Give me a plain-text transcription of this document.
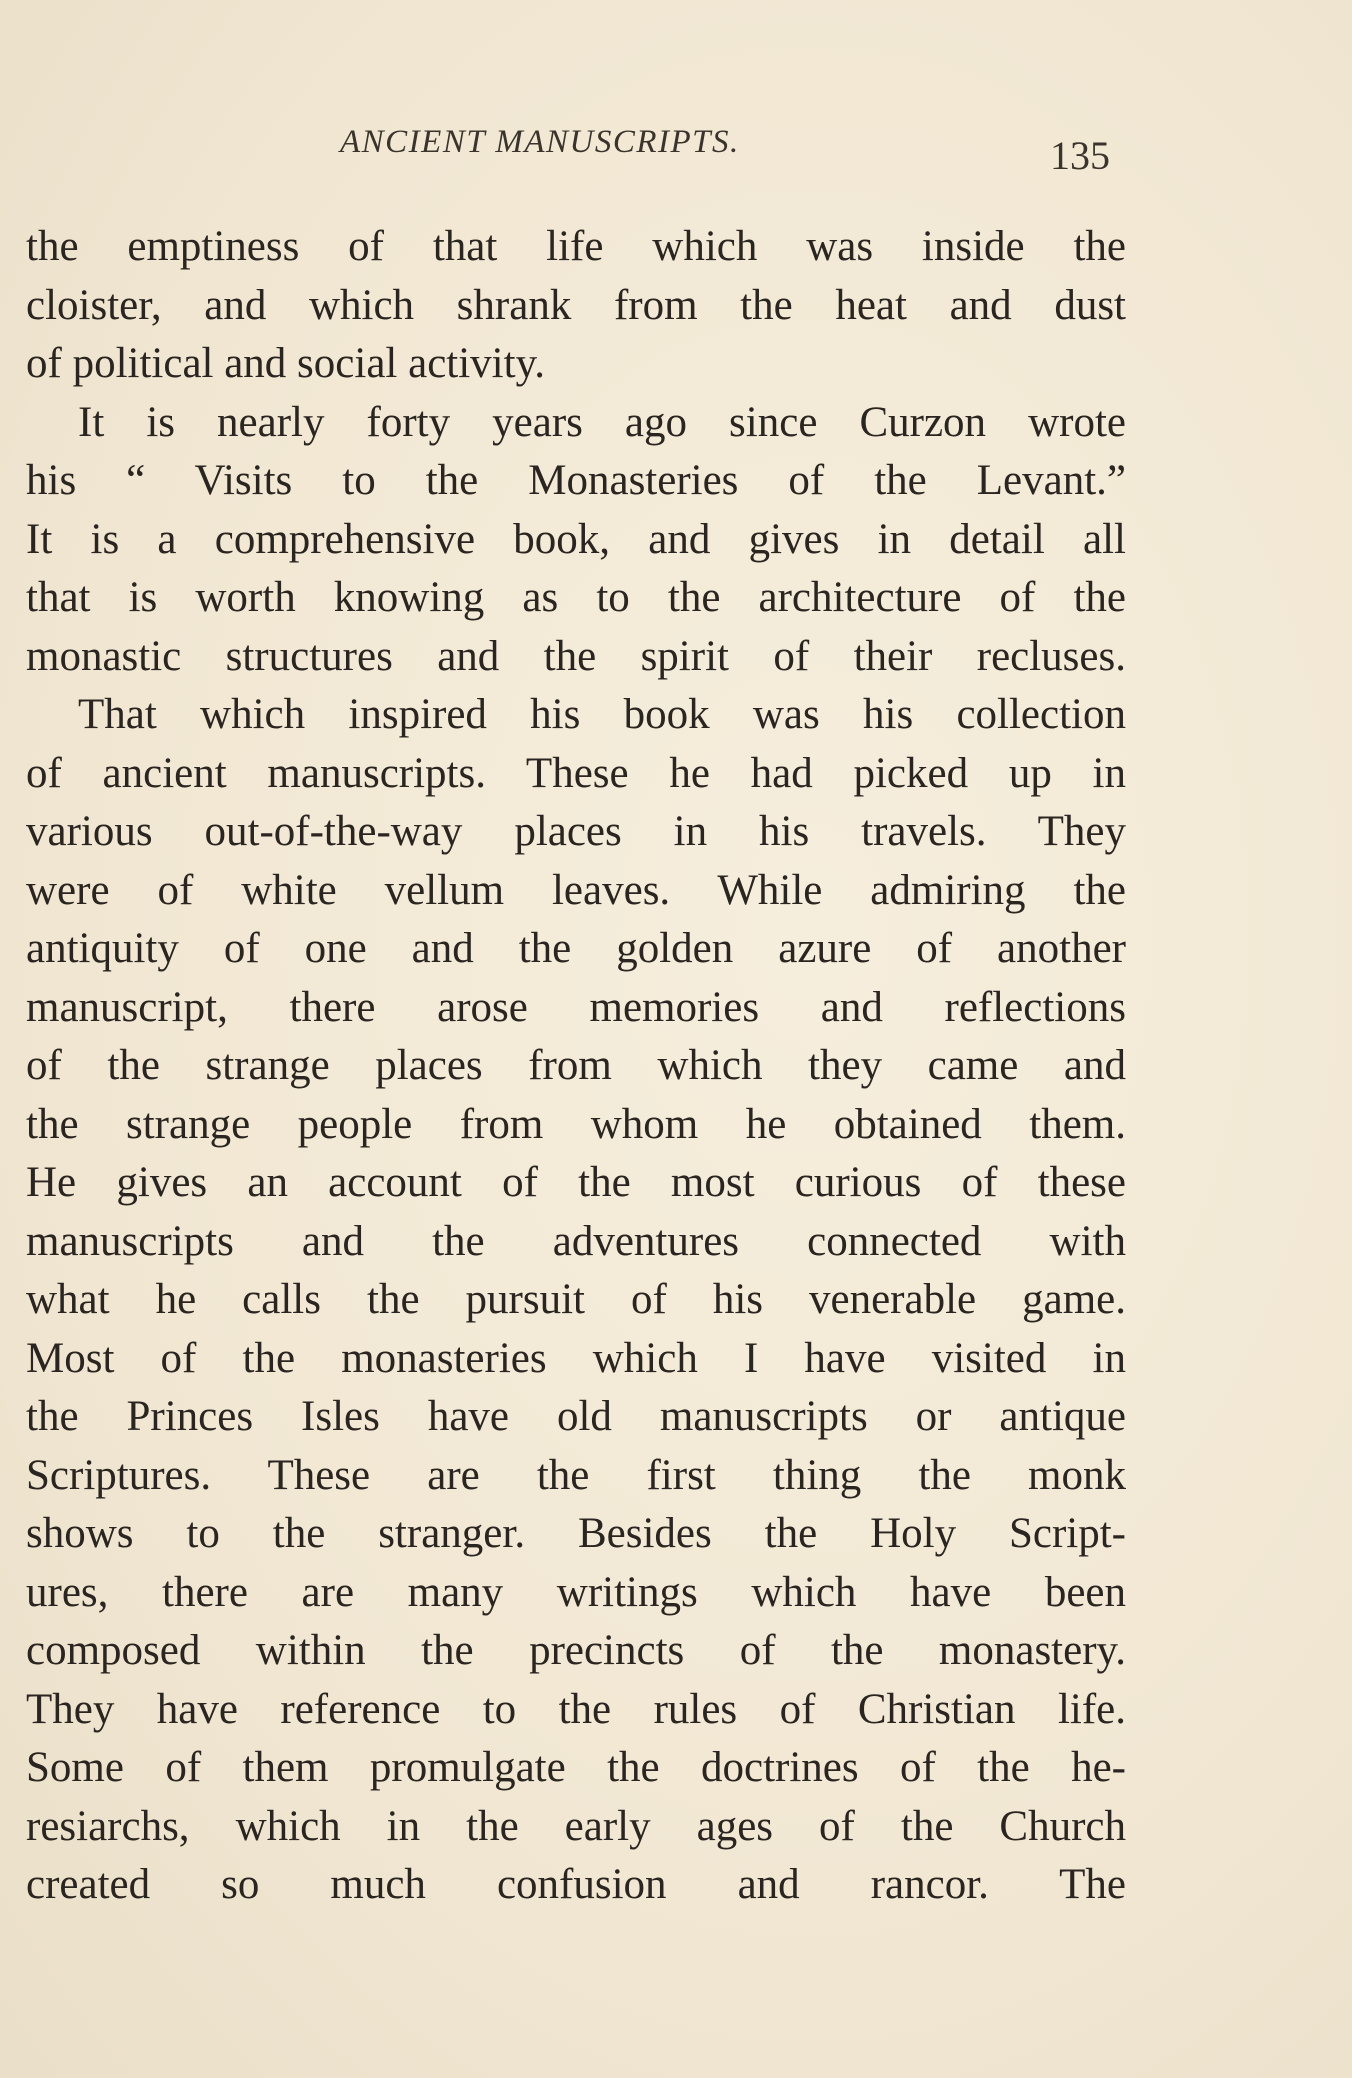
ANCIENT MANUSCRIPTS.	135
the emptiness of that life which was inside the
cloister, and which shrank from the heat and dust
of political and social activity.
It is nearly forty years ago since Curzon wrote
his “ Visits to the Monasteries of the Levant.”
It is a comprehensive book, and gives in detail all
that is worth knowing as to the architecture of the
monastic structures and the spirit of their recluses.
That which inspired his book was his collection
of ancient manuscripts. These he had picked up in
various out-of-the-way places in his travels. They
were of white vellum leaves. While admiring the
antiquity of one and the golden azure of another
manuscript, there arose memories and reflections
of the strange places from which they came and
the strange people from whom he obtained them.
He gives an account of the most curious of these
manuscripts and the adventures connected with
what he calls the pursuit of his venerable game.
Most of the monasteries which I have visited in
the Princes Isles have old manuscripts or antique
Scriptures. These are the first thing the monk
shows to the stranger. Besides the Holy Script-
ures, there are many writings which have been
composed within the precincts of the monastery.
They have reference to the rules of Christian life.
Some of them promulgate the doctrines of the he-
resiarchs, which in the early ages of the Church
created so much confusion and rancor. The
